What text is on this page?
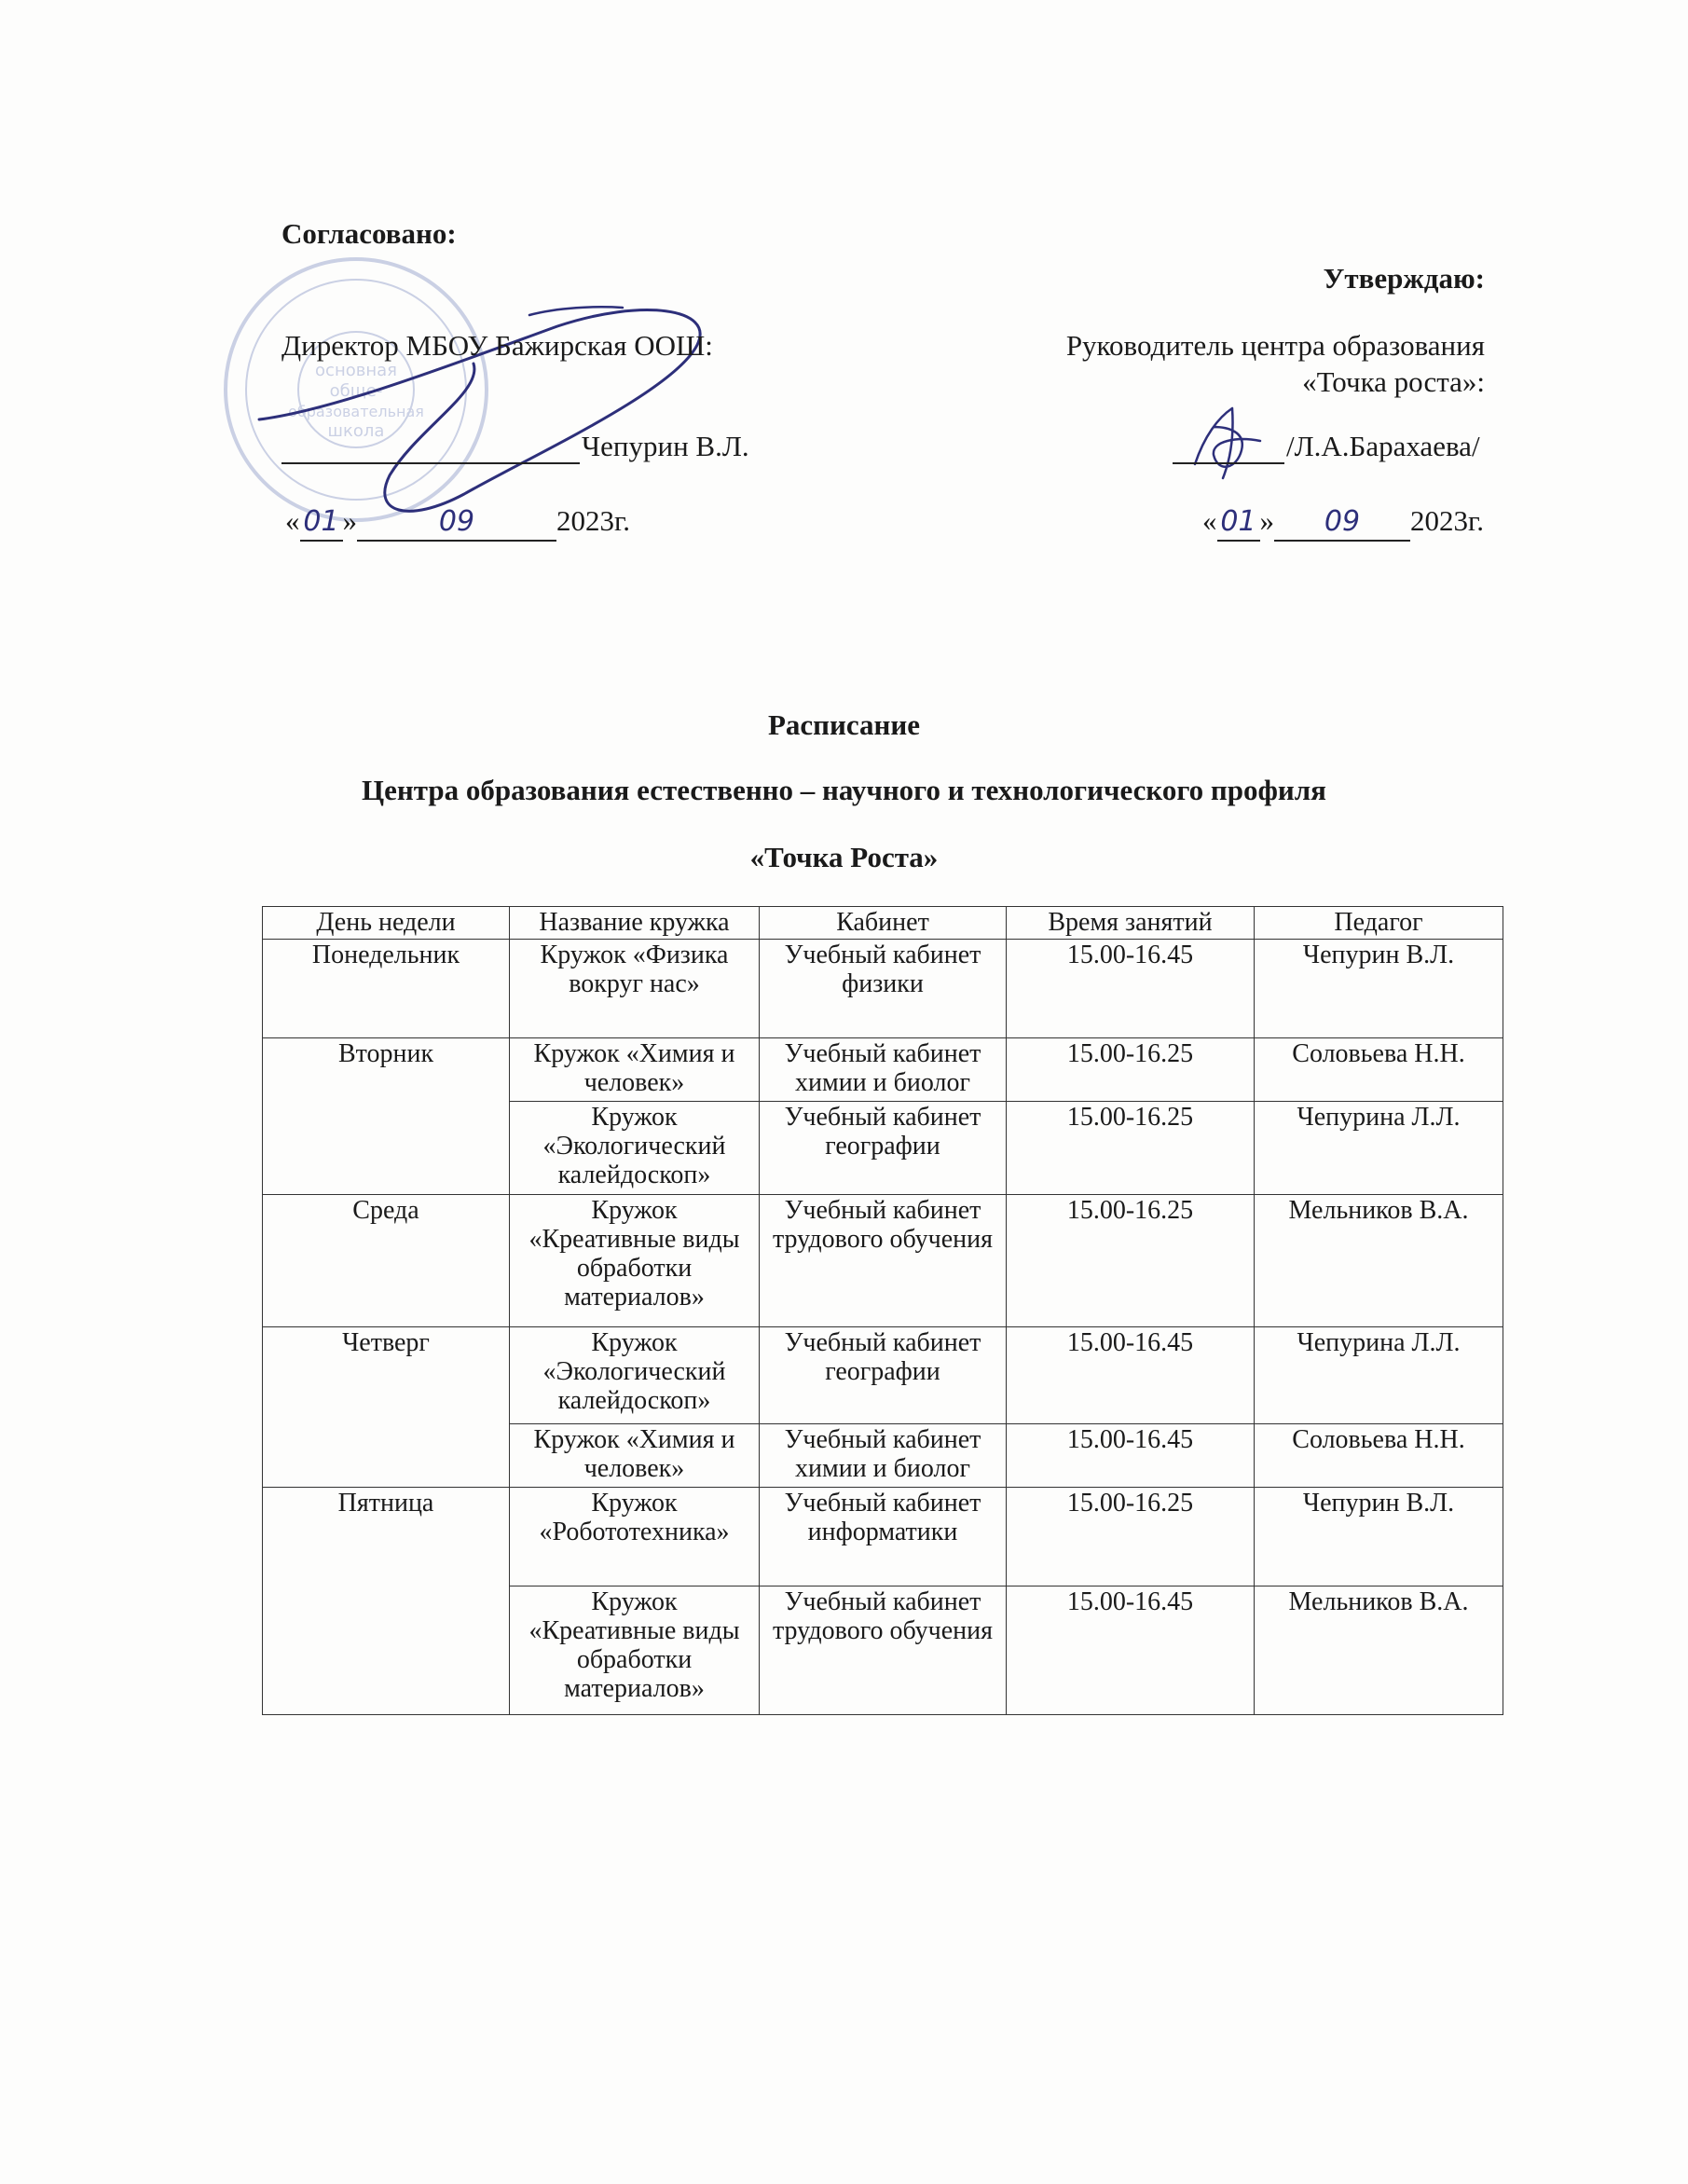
основная
обще-
образовательная
школа
Согласовано:
Директор МБОУ Бажирская ООШ:
Чепурин В.Л.
« 01 »	09	2023г.
Утверждаю:
Руководитель центра образования
«Точка роста»:
/Л.А.Барахаева/
« 01 » 09 2023г.
Расписание
Центра образования естественно – научного и технологического профиля
«Точка Роста»
День недели	Название кружка	Кабинет	Время занятий	Педагог
Понедельник	Кружок «Физика вокруг нас»	Учебный кабинет физики	15.00-16.45	Чепурин В.Л.
Вторник	Кружок «Химия и человек»	Учебный кабинет химии и биолог	15.00-16.25	Соловьева Н.Н.
	Кружок «Экологический калейдоскоп»	Учебный кабинет географии	15.00-16.25	Чепурина Л.Л.
Среда	Кружок «Креативные виды обработки материалов»	Учебный кабинет трудового обучения	15.00-16.25	Мельников В.А.
Четверг	Кружок «Экологический калейдоскоп»	Учебный кабинет географии	15.00-16.45	Чепурина Л.Л.
	Кружок «Химия и человек»	Учебный кабинет химии и биолог	15.00-16.45	Соловьева Н.Н.
Пятница	Кружок «Робототехника»	Учебный кабинет информатики	15.00-16.25	Чепурин В.Л.
	Кружок «Креативные виды обработки материалов»	Учебный кабинет трудового обучения	15.00-16.45	Мельников В.А.
